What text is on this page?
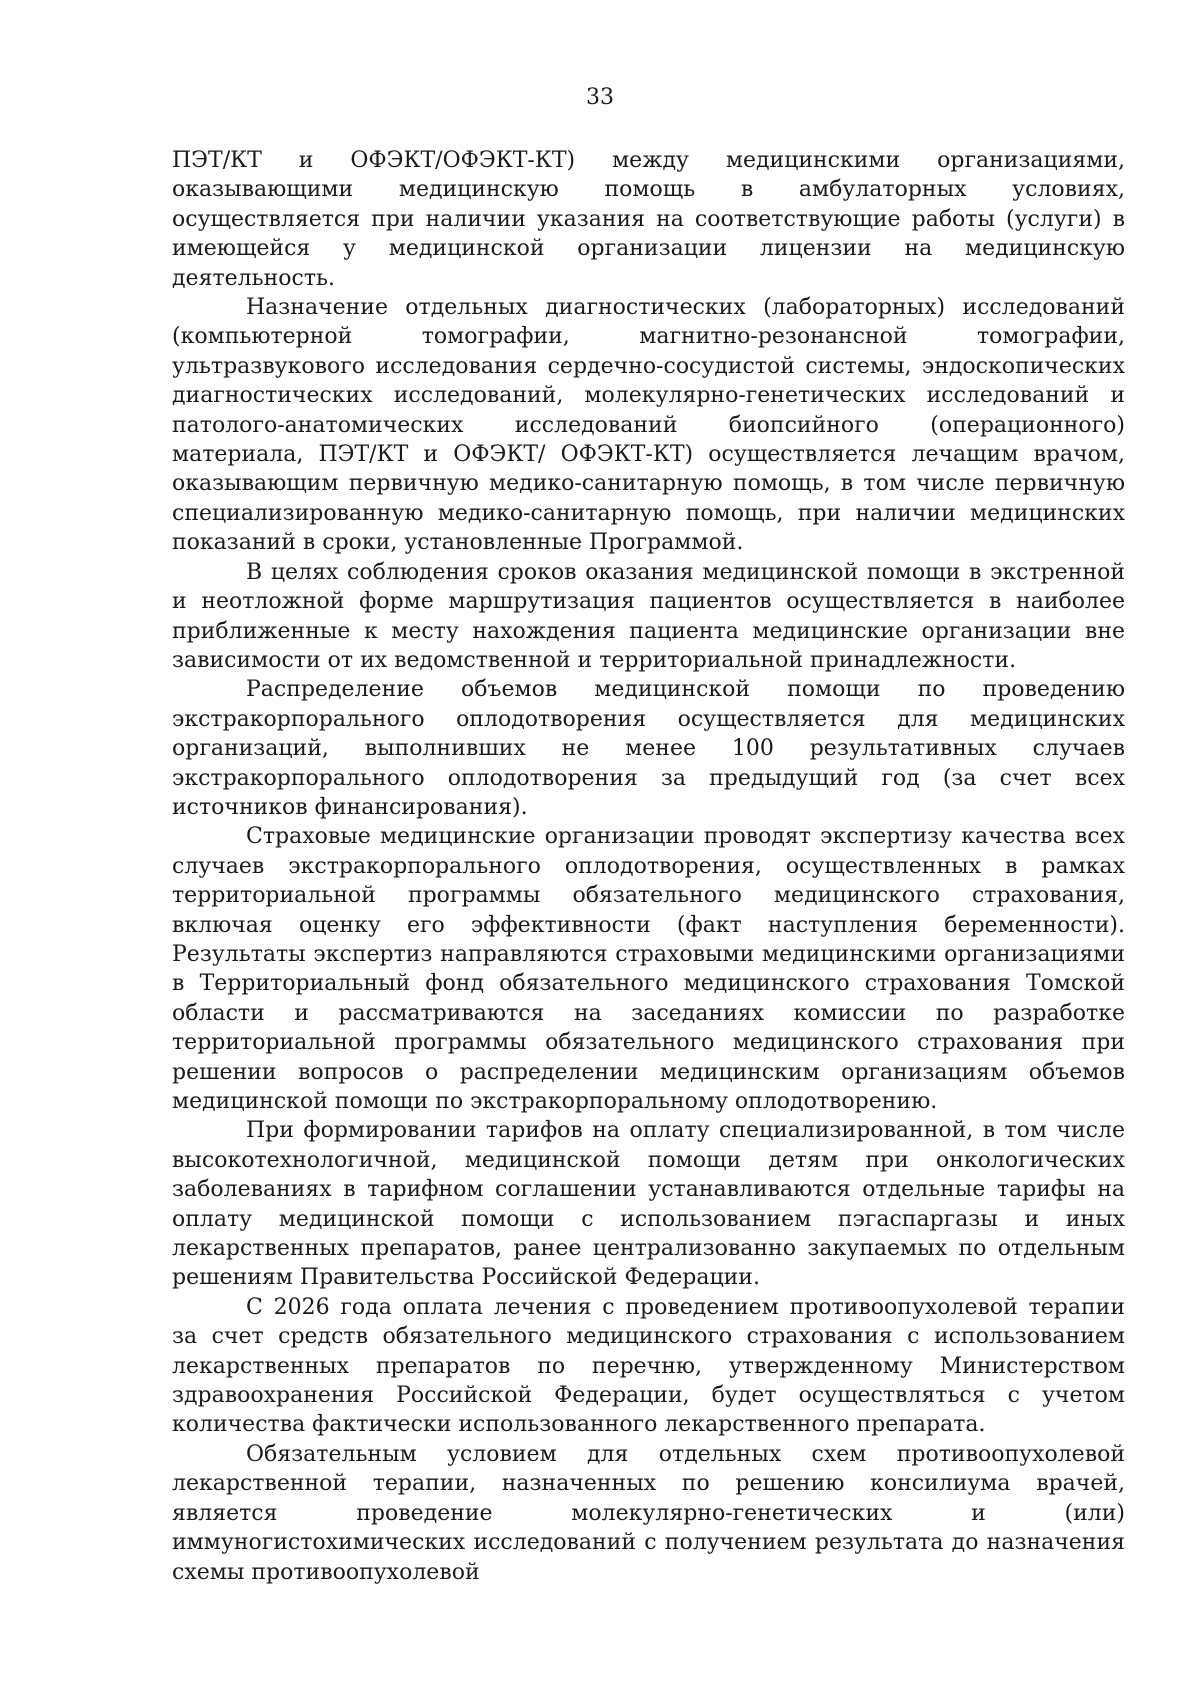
33

ПЭТ/КТ и ОФЭКТ/ОФЭКТ-КТ) между медицинскими организациями, оказывающими медицинскую помощь в амбулаторных условиях, осуществляется при наличии указания на соответствующие работы (услуги) в имеющейся у медицинской организации лицензии на медицинскую деятельность.

Назначение отдельных диагностических (лабораторных) исследований (компьютерной томографии, магнитно-резонансной томографии, ультразвукового исследования сердечно-сосудистой системы, эндоскопических диагностических исследований, молекулярно-генетических исследований и патолого-анатомических исследований биопсийного (операционного) материала, ПЭТ/КТ и ОФЭКТ/ ОФЭКТ-КТ) осуществляется лечащим врачом, оказывающим первичную медико-санитарную помощь, в том числе первичную специализированную медико-санитарную помощь, при наличии медицинских показаний в сроки, установленные Программой.

В целях соблюдения сроков оказания медицинской помощи в экстренной и неотложной форме маршрутизация пациентов осуществляется в наиболее приближенные к месту нахождения пациента медицинские организации вне зависимости от их ведомственной и территориальной принадлежности.

Распределение объемов медицинской помощи по проведению экстракорпорального оплодотворения осуществляется для медицинских организаций, выполнивших не менее 100 результативных случаев экстракорпорального оплодотворения за предыдущий год (за счет всех источников финансирования).

Страховые медицинские организации проводят экспертизу качества всех случаев экстракорпорального оплодотворения, осуществленных в рамках территориальной программы обязательного медицинского страхования, включая оценку его эффективности (факт наступления беременности). Результаты экспертиз направляются страховыми медицинскими организациями в Территориальный фонд обязательного медицинского страхования Томской области и рассматриваются на заседаниях комиссии по разработке территориальной программы обязательного медицинского страхования при решении вопросов о распределении медицинским организациям объемов медицинской помощи по экстракорпоральному оплодотворению.

При формировании тарифов на оплату специализированной, в том числе высокотехнологичной, медицинской помощи детям при онкологических заболеваниях в тарифном соглашении устанавливаются отдельные тарифы на оплату медицинской помощи с использованием пэгаспаргазы и иных лекарственных препаратов, ранее централизованно закупаемых по отдельным решениям Правительства Российской Федерации.

С 2026 года оплата лечения с проведением противоопухолевой терапии за счет средств обязательного медицинского страхования с использованием лекарственных препаратов по перечню, утвержденному Министерством здравоохранения Российской Федерации, будет осуществляться с учетом количества фактически использованного лекарственного препарата.

Обязательным условием для отдельных схем противоопухолевой лекарственной терапии, назначенных по решению консилиума врачей, является проведение молекулярно-генетических и (или) иммуногистохимических исследований с получением результата до назначения схемы противоопухолевой
